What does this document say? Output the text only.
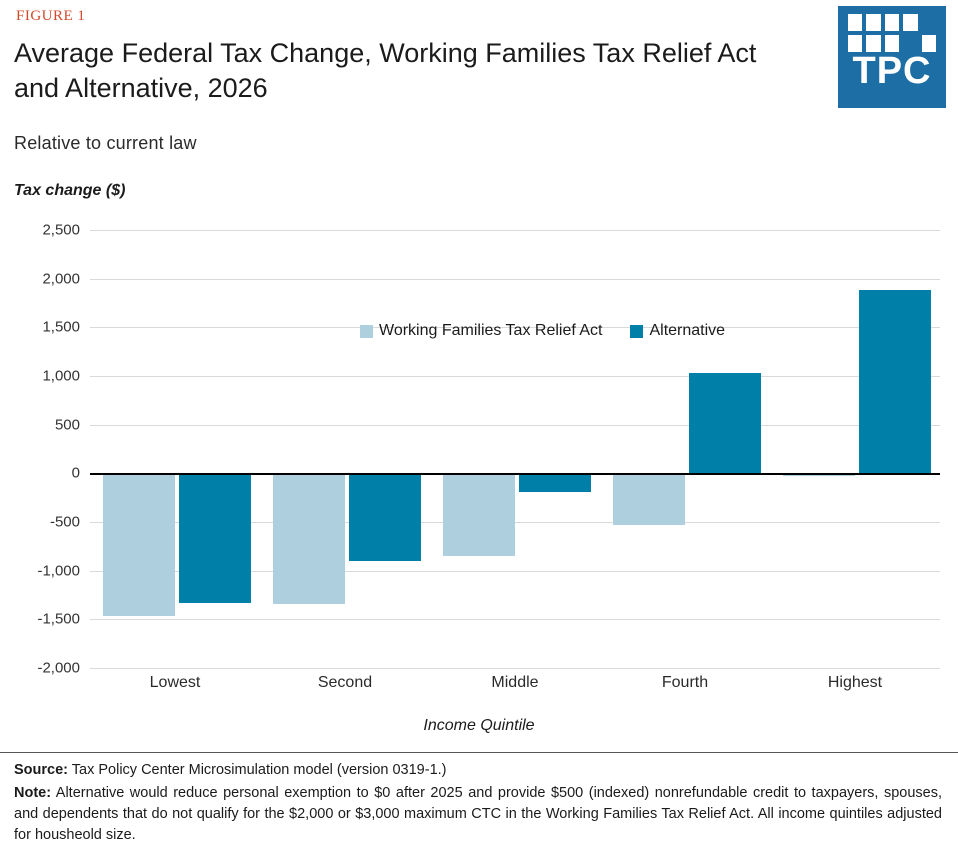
FIGURE 1
Average Federal Tax Change, Working Families Tax Relief Act and Alternative, 2026
Relative to current law
TPC
Tax change ($)
2,500
2,000
1,500
1,000
500
0
-500
-1,000
-1,500
-2,000
Working Families Tax Relief Act	Alternative
Lowest	Second	Middle	Fourth	Highest
Income Quintile

Source: Tax Policy Center Microsimulation model (version 0319-1.)

Note: Alternative would reduce personal exemption to $0 after 2025 and provide $500 (indexed) nonrefundable credit to taxpayers, spouses, and dependents that do not qualify for the $2,000 or $3,000 maximum CTC in the Working Families Tax Relief Act. All income quintiles adjusted for housheold size.
